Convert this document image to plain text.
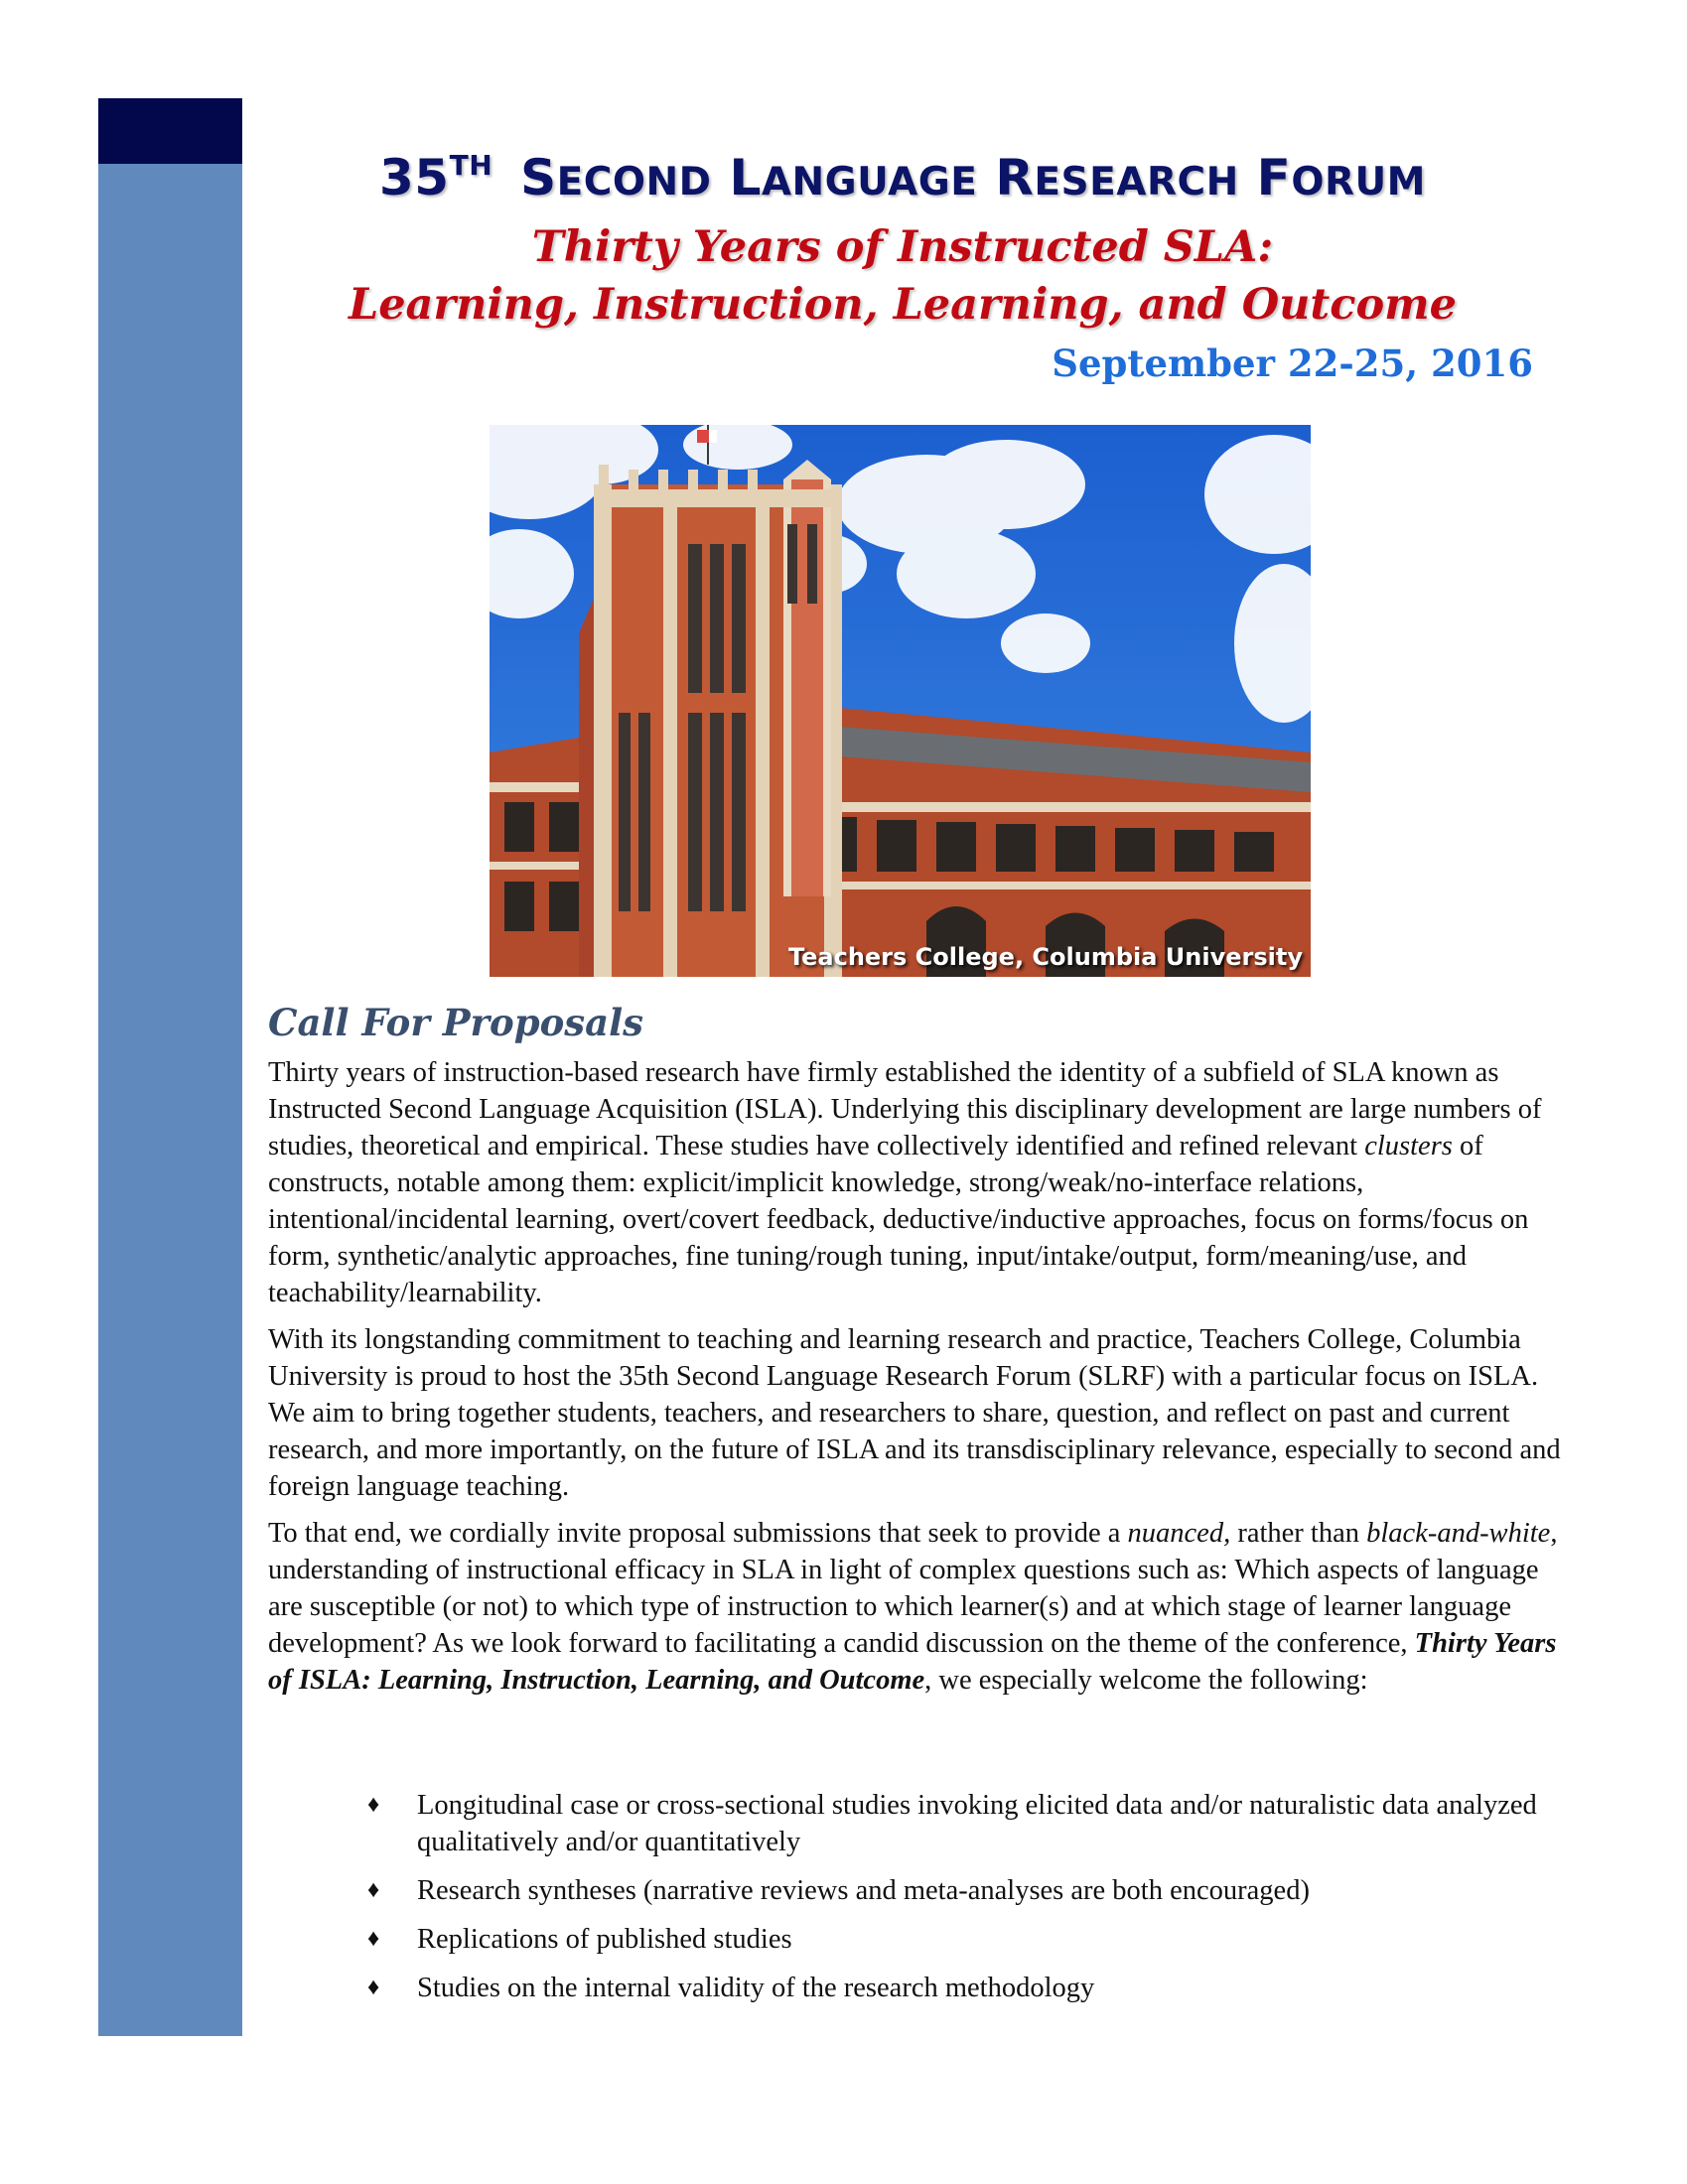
35TH SECOND LANGUAGE RESEARCH FORUM
Thirty Years of Instructed SLA:
Learning, Instruction, Learning, and Outcome
September 22-25, 2016
Teachers College, Columbia University
Call For Proposals

Thirty years of instruction-based research have firmly established the identity of a subfield of SLA known as Instructed Second Language Acquisition (ISLA). Underlying this disciplinary development are large numbers of studies, theoretical and empirical. These studies have collectively identified and refined relevant clusters of constructs, notable among them: explicit/implicit knowledge, strong/weak/no-interface relations, intentional/incidental learning, overt/covert feedback, deductive/inductive approaches, focus on forms/focus on form, synthetic/analytic approaches, fine tuning/rough tuning, input/intake/output, form/meaning/use, and teachability/learnability.

With its longstanding commitment to teaching and learning research and practice, Teachers College, Columbia University is proud to host the 35th Second Language Research Forum (SLRF) with a particular focus on ISLA. We aim to bring together students, teachers, and researchers to share, question, and reflect on past and current research, and more importantly, on the future of ISLA and its transdisciplinary relevance, especially to second and foreign language teaching.

To that end, we cordially invite proposal submissions that seek to provide a nuanced, rather than black-and-white, understanding of instructional efficacy in SLA in light of complex questions such as: Which aspects of language are susceptible (or not) to which type of instruction to which learner(s) and at which stage of learner language development? As we look forward to facilitating a candid discussion on the theme of the conference, Thirty Years of ISLA: Learning, Instruction, Learning, and Outcome, we especially welcome the following:

♦ Longitudinal case or cross-sectional studies invoking elicited data and/or naturalistic data analyzed qualitatively and/or quantitatively
♦ Research syntheses (narrative reviews and meta-analyses are both encouraged)
♦ Replications of published studies
♦ Studies on the internal validity of the research methodology
